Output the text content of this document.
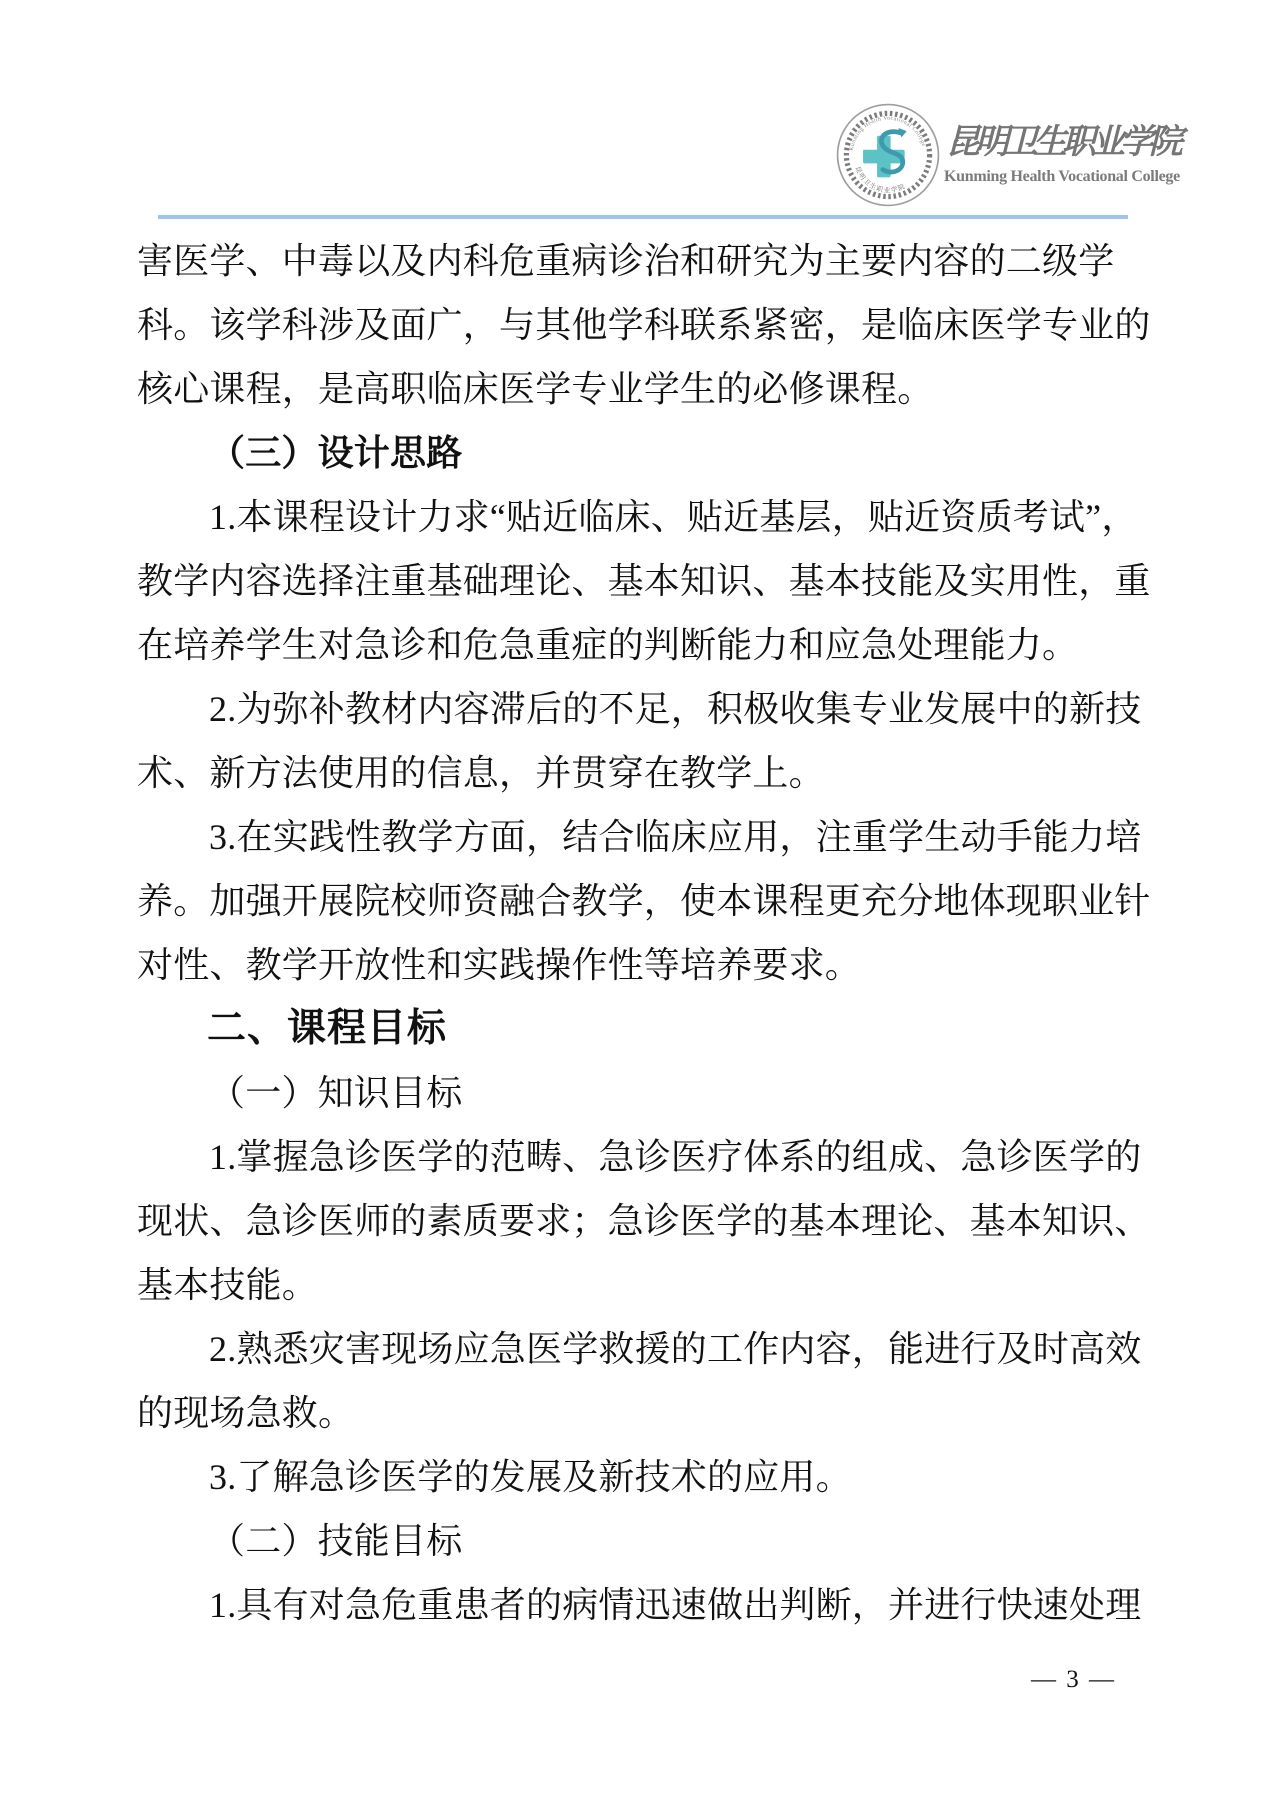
Kunming Health Vocational College
昆明卫生职业学院
昆明卫生职业学院
Kunming Health Vocational College
害医学、中毒以及内科危重病诊治和研究为主要内容的二级学
科。该学科涉及面广，与其他学科联系紧密，是临床医学专业的
核心课程，是高职临床医学专业学生的必修课程。
（三）设计思路
1.本课程设计力求“贴近临床、贴近基层，贴近资质考试”，
教学内容选择注重基础理论、基本知识、基本技能及实用性，重
在培养学生对急诊和危急重症的判断能力和应急处理能力。
2.为弥补教材内容滞后的不足，积极收集专业发展中的新技
术、新方法使用的信息，并贯穿在教学上。
3.在实践性教学方面，结合临床应用，注重学生动手能力培
养。加强开展院校师资融合教学，使本课程更充分地体现职业针
对性、教学开放性和实践操作性等培养要求。
二、课程目标
（一）知识目标
1.掌握急诊医学的范畴、急诊医疗体系的组成、急诊医学的
现状、急诊医师的素质要求；急诊医学的基本理论、基本知识、
基本技能。
2.熟悉灾害现场应急医学救援的工作内容，能进行及时高效
的现场急救。
3.了解急诊医学的发展及新技术的应用。
（二）技能目标
1.具有对急危重患者的病情迅速做出判断，并进行快速处理
— 3 —
